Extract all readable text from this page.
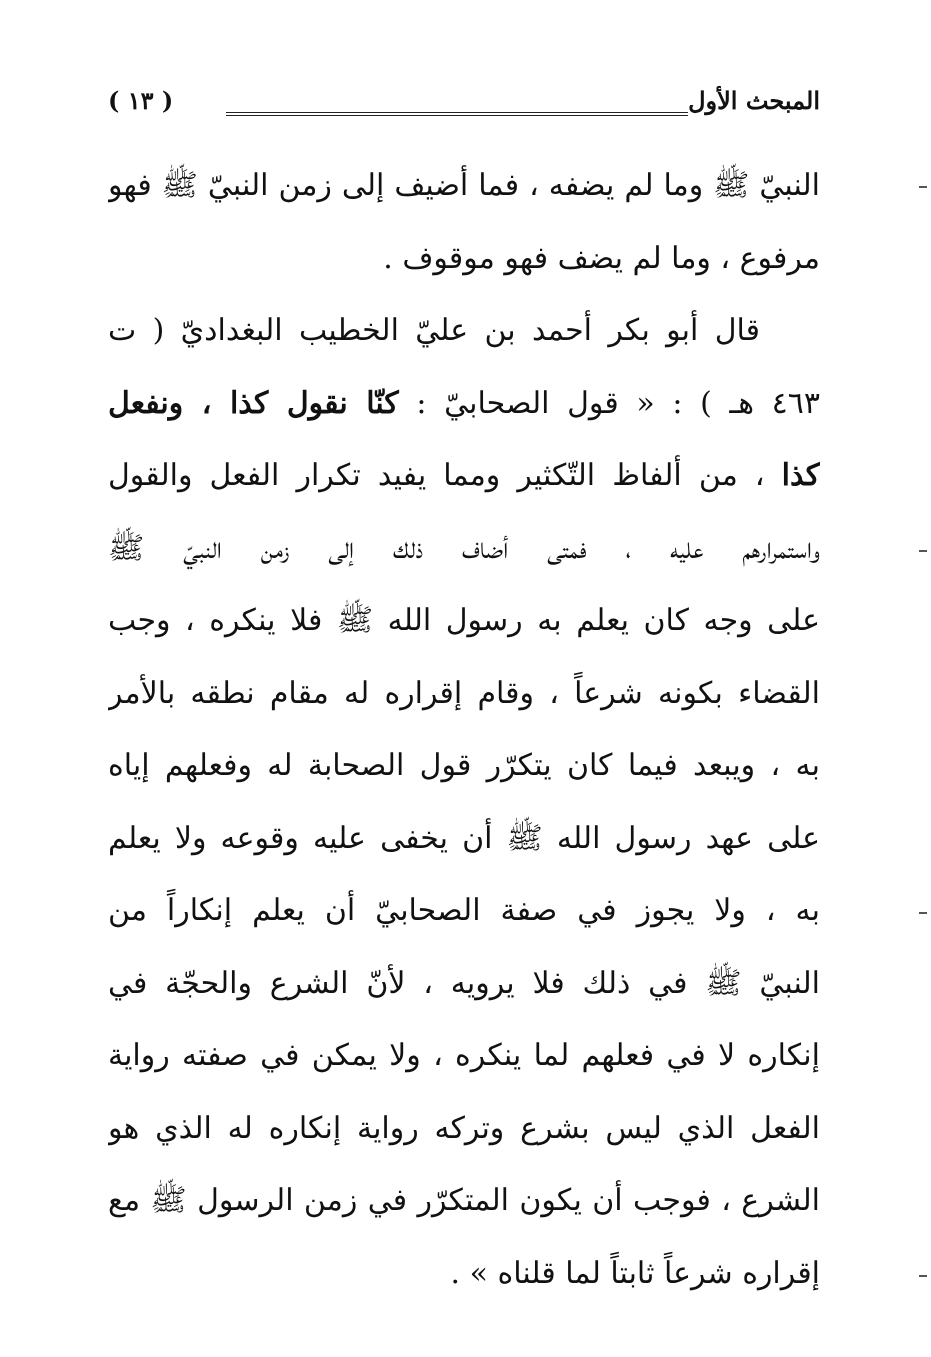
المبحث الأول
( ١٣ )
النبيّ ﷺ وما لم يضفه ، فما أضيف إلى زمن النبيّ ﷺ فهو
مرفوع ، وما لم يضف فهو موقوف .
قال أبو بكر أحمد بن عليّ الخطيب البغداديّ ( ت
٤٦٣ هـ ) : « قول الصحابيّ : كنّا نقول كذا ، ونفعل
كذا ، من ألفاظ التّكثير ومما يفيد تكرار الفعل والقول
واستمرارهم عليه ، فمتى أضاف ذلك إلى زمن النبيّ ﷺ
على وجه كان يعلم به رسول الله ﷺ فلا ينكره ، وجب
القضاء بكونه شرعاً ، وقام إقراره له مقام نطقه بالأمر
به ، ويبعد فيما كان يتكرّر قول الصحابة له وفعلهم إياه
على عهد رسول الله ﷺ أن يخفى عليه وقوعه ولا يعلم
به ، ولا يجوز في صفة الصحابيّ أن يعلم إنكاراً من
النبيّ ﷺ في ذلك فلا يرويه ، لأنّ الشرع والحجّة في
إنكاره لا في فعلهم لما ينكره ، ولا يمكن في صفته رواية
الفعل الذي ليس بشرع وتركه رواية إنكاره له الذي هو
الشرع ، فوجب أن يكون المتكرّر في زمن الرسول ﷺ مع
إقراره شرعاً ثابتاً لما قلناه » .
